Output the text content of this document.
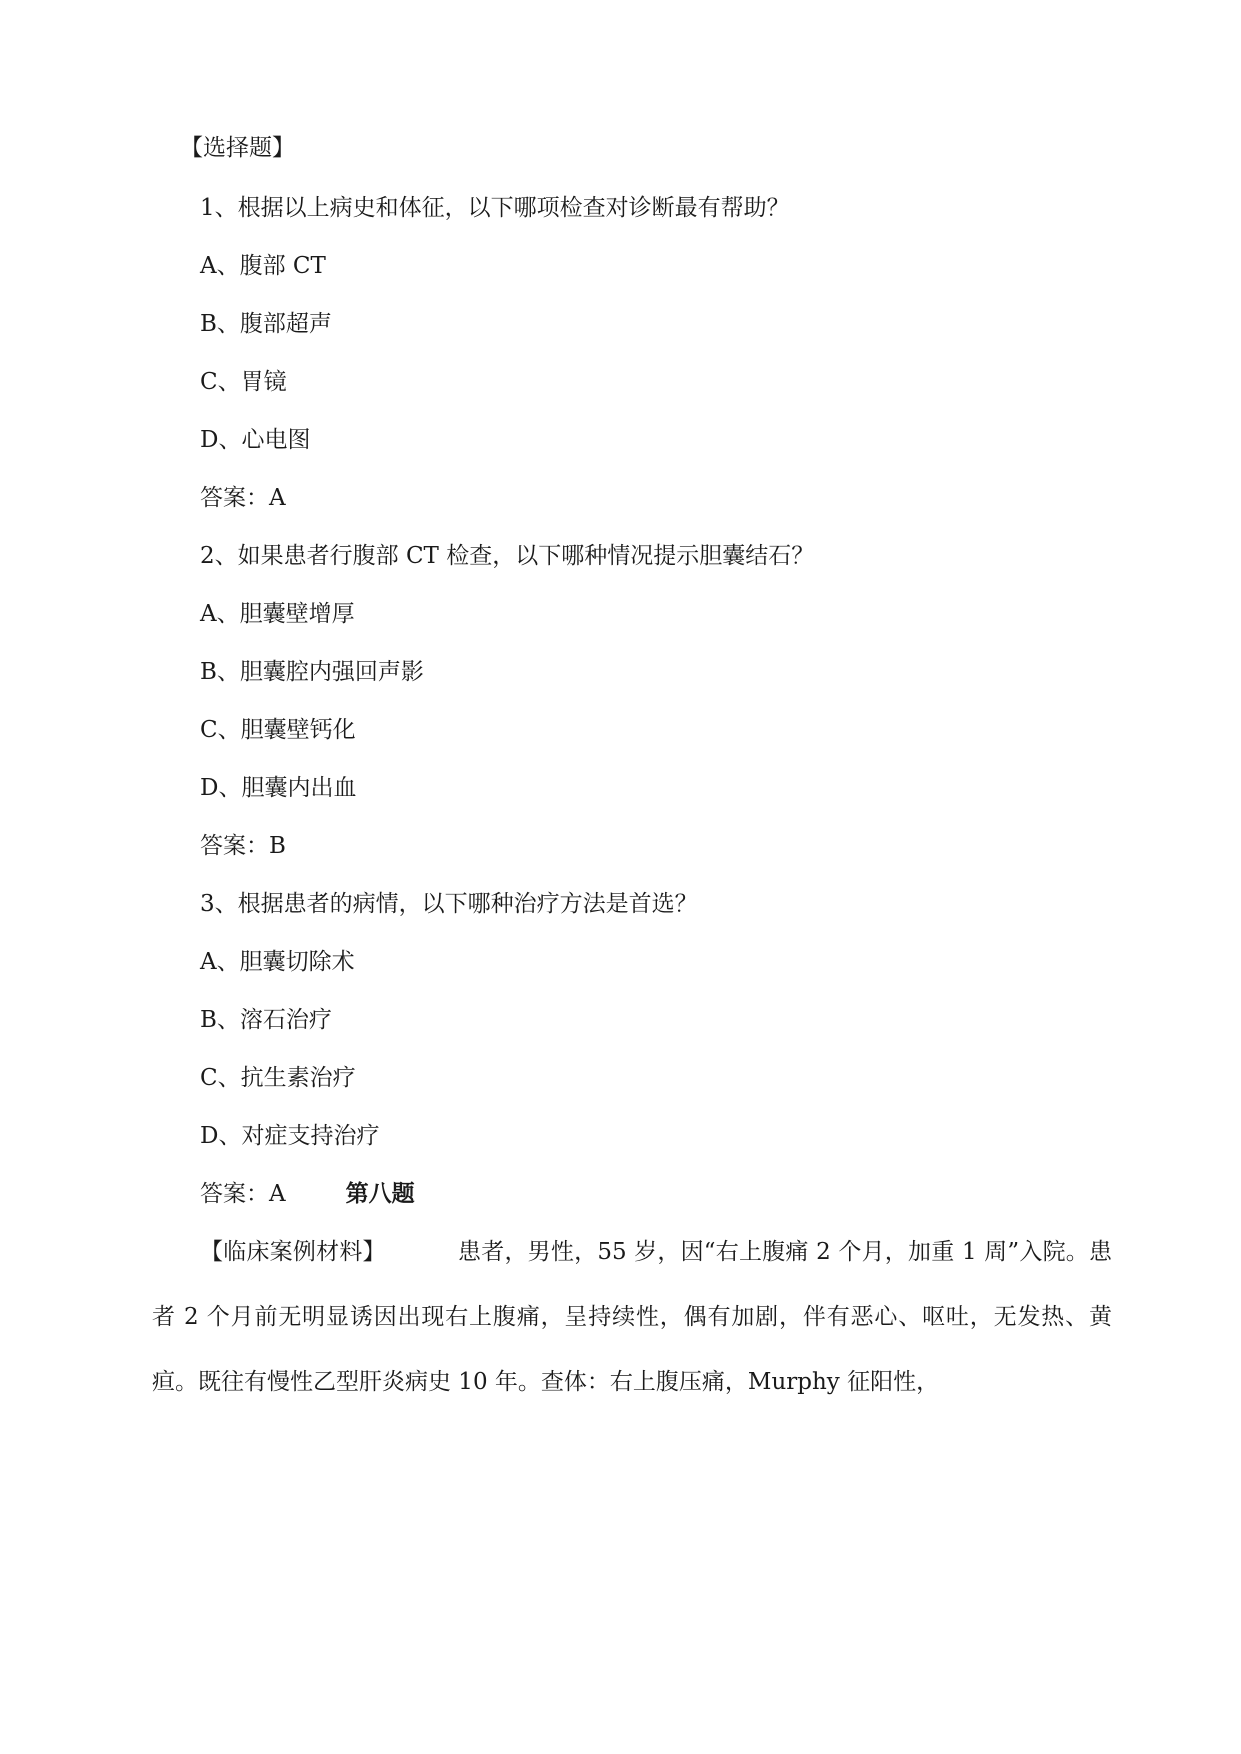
【选择题】
1、根据以上病史和体征，以下哪项检查对诊断最有帮助？
A、腹部 CT
B、腹部超声
C、胃镜
D、心电图
答案：A
2、如果患者行腹部 CT 检查，以下哪种情况提示胆囊结石？
A、胆囊壁增厚
B、胆囊腔内强回声影
C、胆囊壁钙化
D、胆囊内出血
答案：B
3、根据患者的病情，以下哪种治疗方法是首选？
A、胆囊切除术
B、溶石治疗
C、抗生素治疗
D、对症支持治疗
答案：A	第八题
【临床案例材料】	患者，男性，55 岁，因“右上腹痛 2 个月，加重 1 周”入院。患者 2 个月前无明显诱因出现右上腹痛，呈持续性，偶有加剧，伴有恶心、呕吐，无发热、黄疸。既往有慢性乙型肝炎病史 10 年。查体：右上腹压痛，Murphy 征阳性，
